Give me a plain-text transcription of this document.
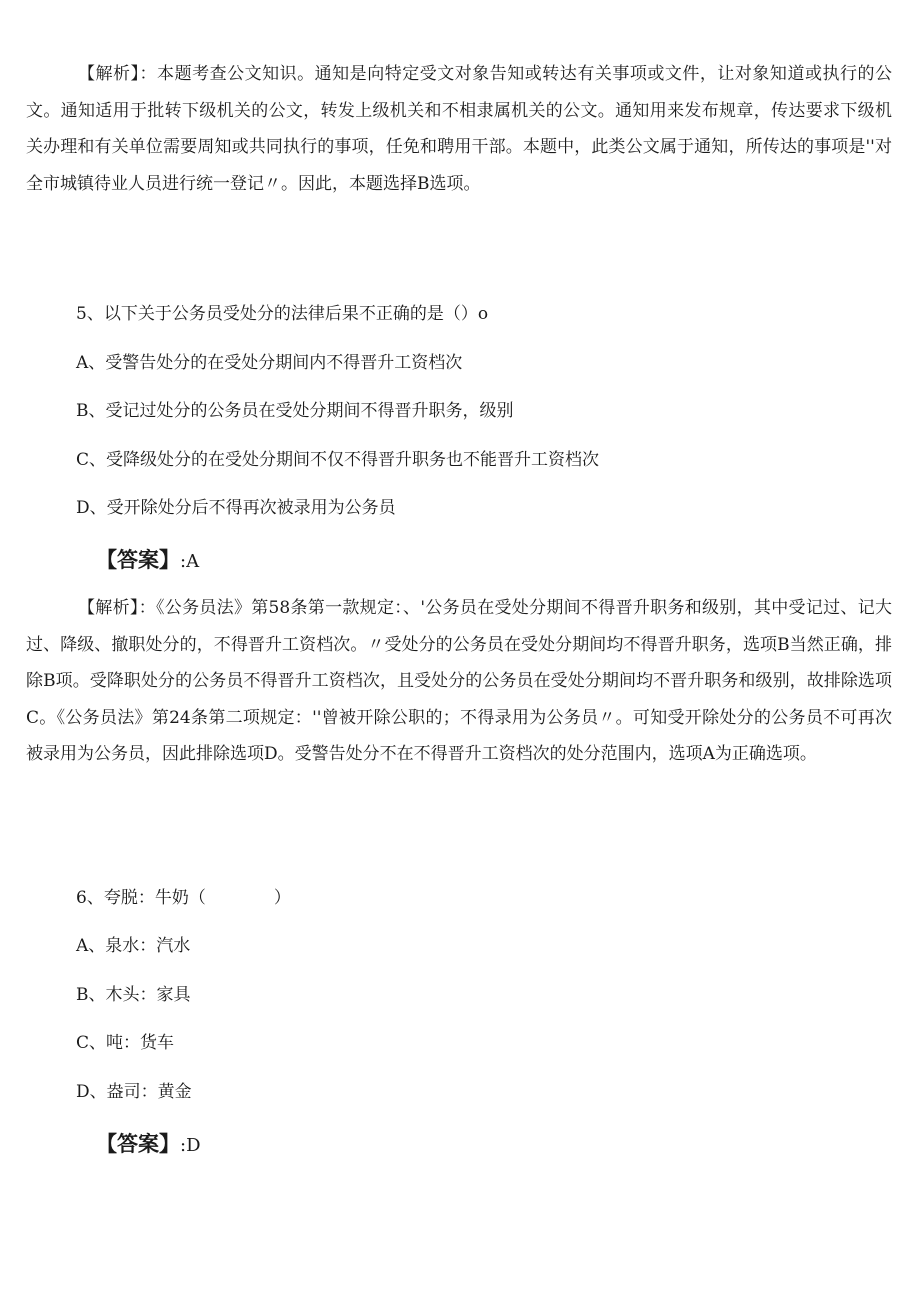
【解析】：本题考查公文知识。通知是向特定受文对象告知或转达有关事项或文件，让对象知道或执行的公文。通知适用于批转下级机关的公文，转发上级机关和不相隶属机关的公文。通知用来发布规章，传达要求下级机关办理和有关单位需要周知或共同执行的事项，任免和聘用干部。本题中，此类公文属于通知，所传达的事项是''对全市城镇待业人员进行统一登记〃。因此，本题选择B选项。

5、以下关于公务员受处分的法律后果不正确的是（）o

A、受警告处分的在受处分期间内不得晋升工资档次

B、受记过处分的公务员在受处分期间不得晋升职务，级别

C、受降级处分的在受处分期间不仅不得晋升职务也不能晋升工资档次

D、受开除处分后不得再次被录用为公务员

【答案】:A

【解析】：《公务员法》第58条第一款规定：、'公务员在受处分期间不得晋升职务和级别，其中受记过、记大过、降级、撤职处分的，不得晋升工资档次。〃受处分的公务员在受处分期间均不得晋升职务，选项B当然正确，排除B项。受降职处分的公务员不得晋升工资档次，且受处分的公务员在受处分期间均不晋升职务和级别，故排除选项C。《公务员法》第24条第二项规定：''曾被开除公职的；不得录用为公务员〃。可知受开除处分的公务员不可再次被录用为公务员，因此排除选项D。受警告处分不在不得晋升工资档次的处分范围内，选项A为正确选项。

6、夸脱：牛奶（　　　　）

A、泉水：汽水

B、木头：家具

C、吨：货车

D、盎司：黄金

【答案】:D
